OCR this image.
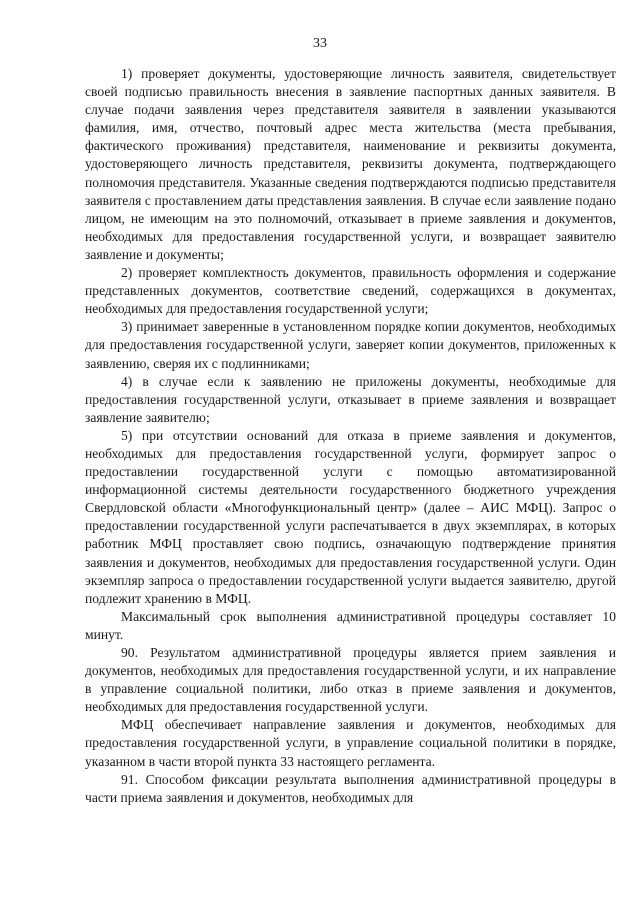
33

1) проверяет документы, удостоверяющие личность заявителя, свидетельствует своей подписью правильность внесения в заявление паспортных данных заявителя. В случае подачи заявления через представителя заявителя в заявлении указываются фамилия, имя, отчество, почтовый адрес места жительства (места пребывания, фактического проживания) представителя, наименование и реквизиты документа, удостоверяющего личность представителя, реквизиты документа, подтверждающего полномочия представителя. Указанные сведения подтверждаются подписью представителя заявителя с проставлением даты представления заявления. В случае если заявление подано лицом, не имеющим на это полномочий, отказывает в приеме заявления и документов, необходимых для предоставления государственной услуги, и возвращает заявителю заявление и документы;

2) проверяет комплектность документов, правильность оформления и содержание представленных документов, соответствие сведений, содержащихся в документах, необходимых для предоставления государственной услуги;

3) принимает заверенные в установленном порядке копии документов, необходимых для предоставления государственной услуги, заверяет копии документов, приложенных к заявлению, сверяя их с подлинниками;

4) в случае если к заявлению не приложены документы, необходимые для предоставления государственной услуги, отказывает в приеме заявления и возвращает заявление заявителю;

5) при отсутствии оснований для отказа в приеме заявления и документов, необходимых для предоставления государственной услуги, формирует запрос о предоставлении государственной услуги с помощью автоматизированной информационной системы деятельности государственного бюджетного учреждения Свердловской области «Многофункциональный центр» (далее – АИС МФЦ). Запрос о предоставлении государственной услуги распечатывается в двух экземплярах, в которых работник МФЦ проставляет свою подпись, означающую подтверждение принятия заявления и документов, необходимых для предоставления государственной услуги. Один экземпляр запроса о предоставлении государственной услуги выдается заявителю, другой подлежит хранению в МФЦ.

Максимальный срок выполнения административной процедуры составляет 10 минут.

90. Результатом административной процедуры является прием заявления и документов, необходимых для предоставления государственной услуги, и их направление в управление социальной политики, либо отказ в приеме заявления и документов, необходимых для предоставления государственной услуги.

МФЦ обеспечивает направление заявления и документов, необходимых для предоставления государственной услуги, в управление социальной политики в порядке, указанном в части второй пункта 33 настоящего регламента.

91. Способом фиксации результата выполнения административной процедуры в части приема заявления и документов, необходимых для
